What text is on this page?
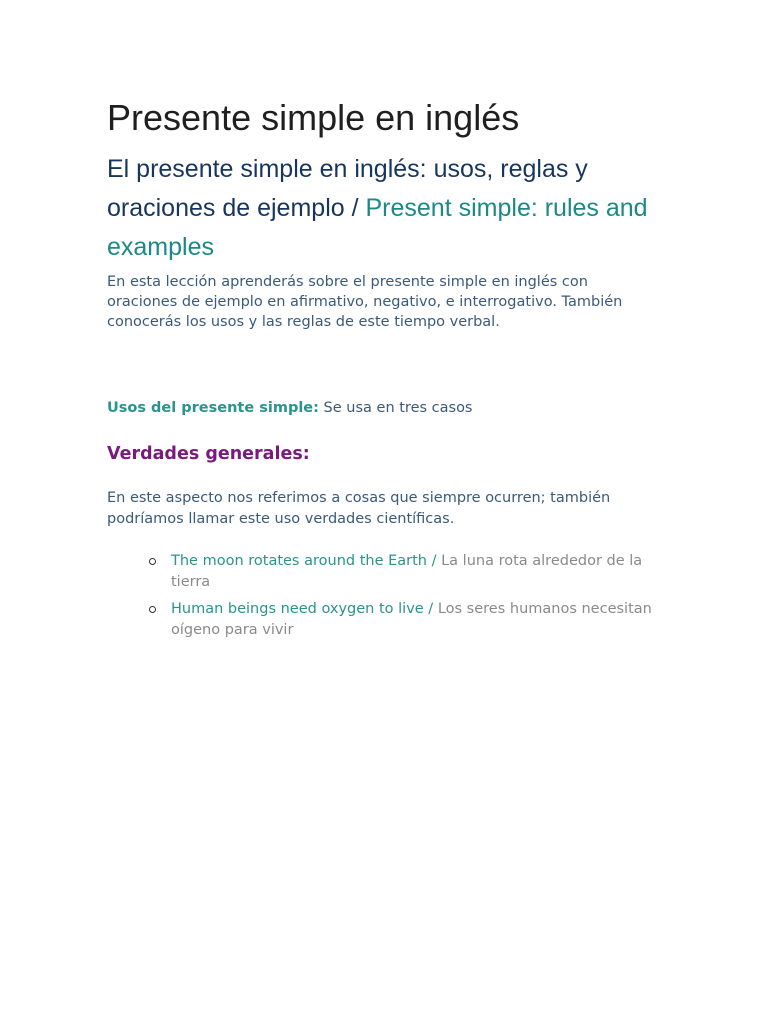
Presente simple en inglés
El presente simple en inglés: usos, reglas y oraciones de ejemplo / Present simple: rules and examples

En esta lección aprenderás sobre el presente simple en inglés con oraciones de ejemplo en afirmativo, negativo, e interrogativo. También conocerás los usos y las reglas de este tiempo verbal.

Usos del presente simple: Se usa en tres casos

Verdades generales:

En este aspecto nos referimos a cosas que siempre ocurren; también podríamos llamar este uso verdades científicas.

The moon rotates around the Earth / La luna rota alrededor de la tierra
Human beings need oxygen to live / Los seres humanos necesitan oígeno para vivir
